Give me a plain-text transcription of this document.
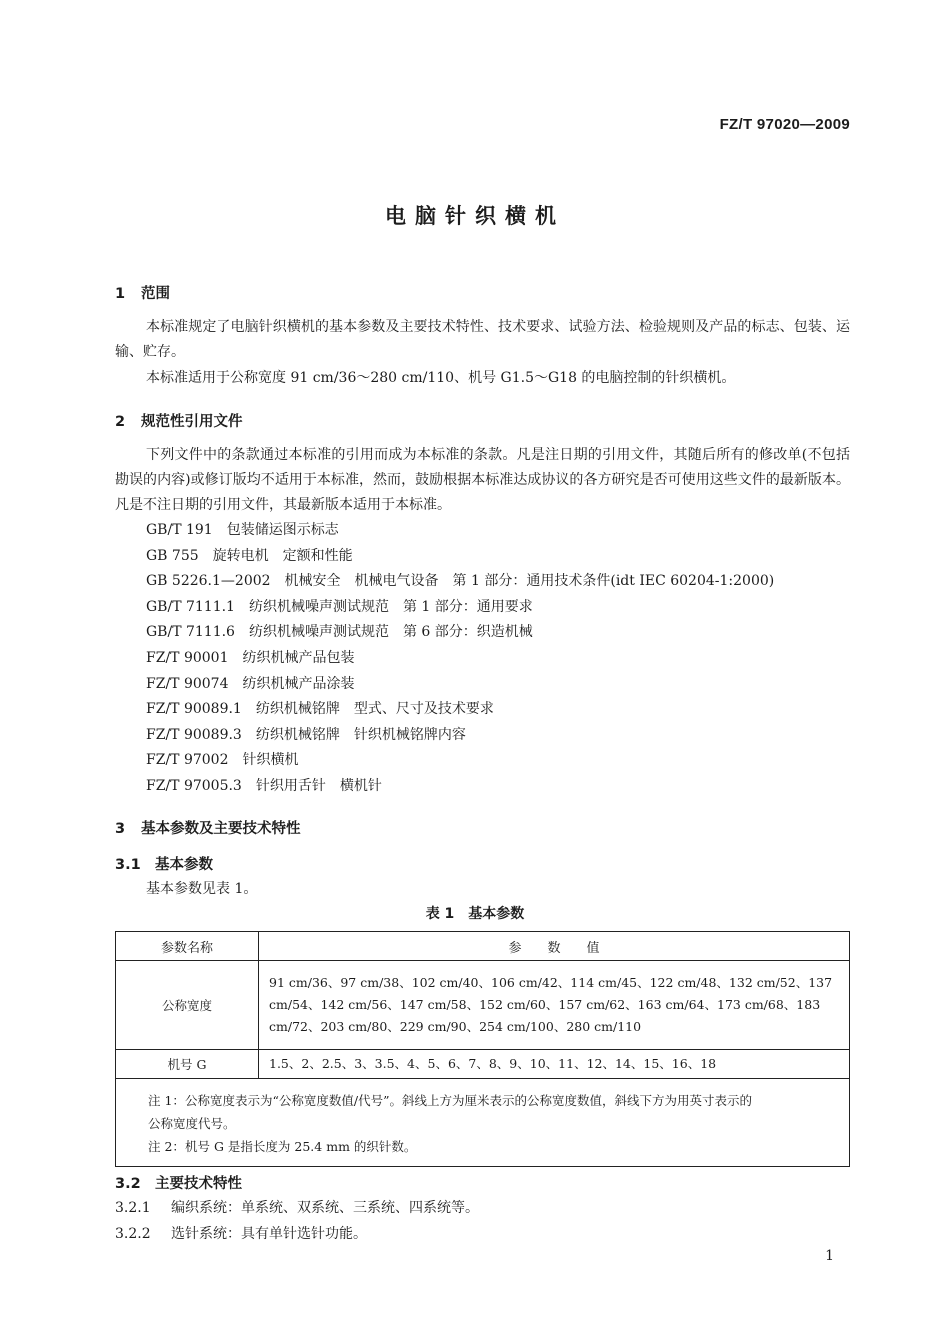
FZ/T 97020—2009
电脑针织横机
1 范围
本标准规定了电脑针织横机的基本参数及主要技术特性、技术要求、试验方法、检验规则及产品的标志、包装、运输、贮存。
本标准适用于公称宽度 91 cm/36～280 cm/110、机号 G1.5～G18 的电脑控制的针织横机。
2 规范性引用文件
下列文件中的条款通过本标准的引用而成为本标准的条款。凡是注日期的引用文件，其随后所有的修改单(不包括勘误的内容)或修订版均不适用于本标准，然而，鼓励根据本标准达成协议的各方研究是否可使用这些文件的最新版本。凡是不注日期的引用文件，其最新版本适用于本标准。
GB/T 191 包装储运图示标志
GB 755 旋转电机　定额和性能
GB 5226.1—2002 机械安全　机械电气设备　第 1 部分：通用技术条件(idt IEC 60204-1:2000)
GB/T 7111.1 纺织机械噪声测试规范　第 1 部分：通用要求
GB/T 7111.6 纺织机械噪声测试规范　第 6 部分：织造机械
FZ/T 90001 纺织机械产品包装
FZ/T 90074 纺织机械产品涂装
FZ/T 90089.1 纺织机械铭牌　型式、尺寸及技术要求
FZ/T 90089.3 纺织机械铭牌　针织机械铭牌内容
FZ/T 97002 针织横机
FZ/T 97005.3 针织用舌针　横机针
3 基本参数及主要技术特性
3.1 基本参数
基本参数见表 1。
表 1　基本参数
参数名称	参　　数　　值
公称宽度	91 cm/36、97 cm/38、102 cm/40、106 cm/42、114 cm/45、122 cm/48、132 cm/52、137 cm/54、142 cm/56、147 cm/58、152 cm/60、157 cm/62、163 cm/64、173 cm/68、183 cm/72、203 cm/80、229 cm/90、254 cm/100、280 cm/110
机号 G	1.5、2、2.5、3、3.5、4、5、6、7、8、9、10、11、12、14、15、16、18

注 1：公称宽度表示为“公称宽度数值/代号”。斜线上方为厘米表示的公称宽度数值，斜线下方为用英寸表示的
公称宽度代号。
注 2：机号 G 是指长度为 25.4 mm 的织针数。	
3.2 主要技术特性
3.2.1 编织系统：单系统、双系统、三系统、四系统等。
3.2.2 选针系统：具有单针选针功能。
1
